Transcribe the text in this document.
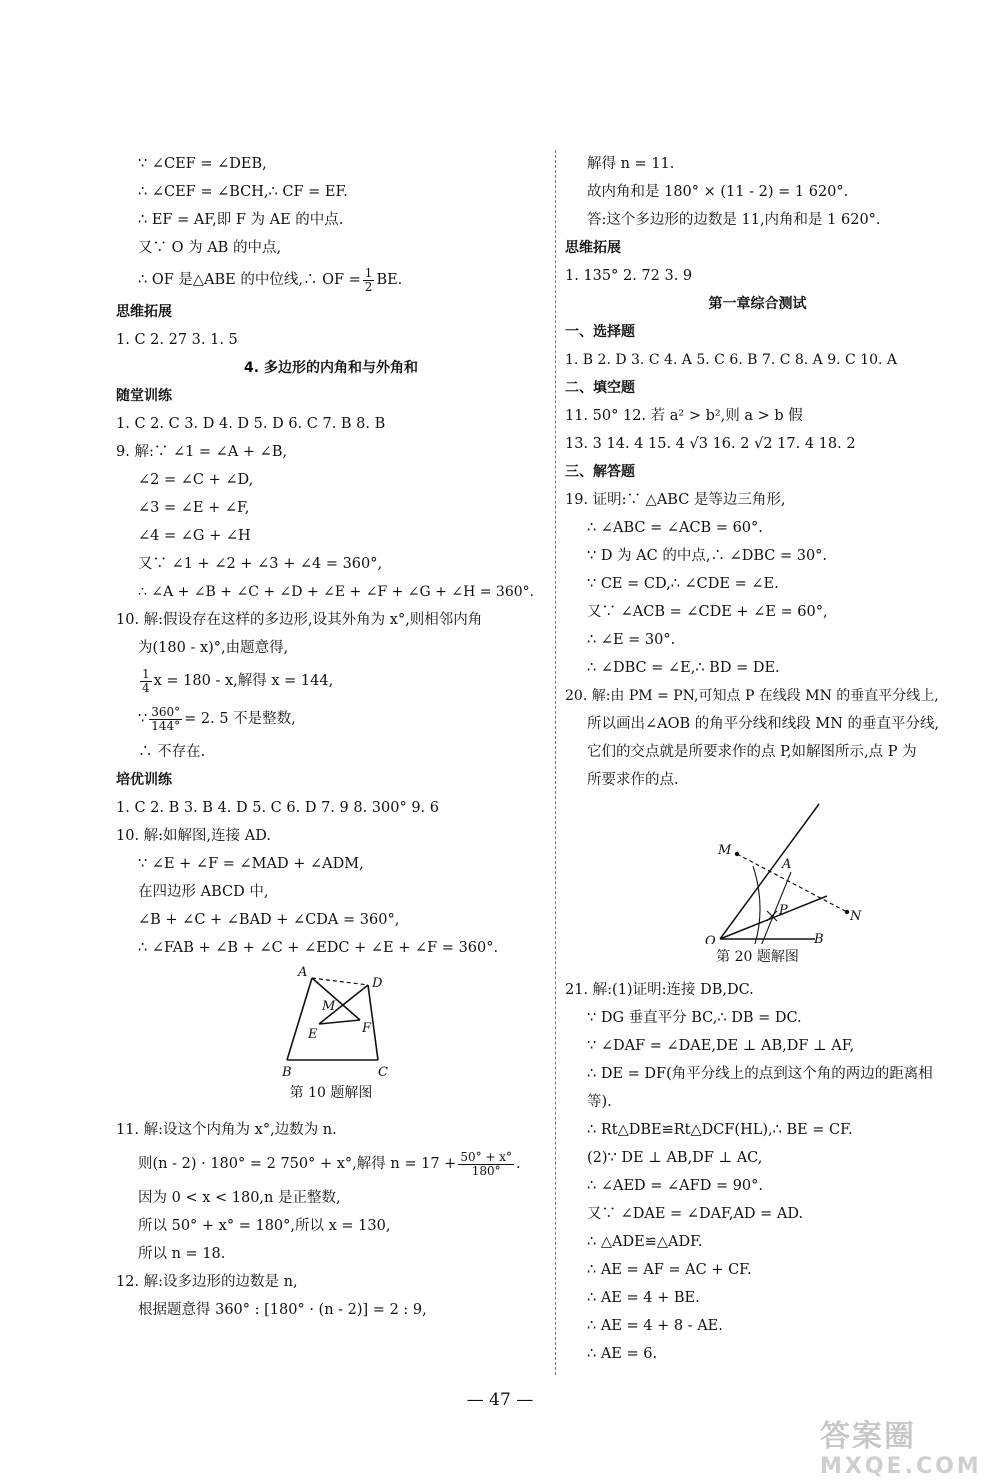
∵ ∠CEF = ∠DEB,
∴ ∠CEF = ∠BCH,∴ CF = EF.
∴ EF = AF,即 F 为 AE 的中点.
又∵ O 为 AB 的中点,
∴ OF 是△ABE 的中位线,∴ OF = $\frac{1}{2}$ BE.
思维拓展
1. C 2. 27 3. 1. 5
4. 多边形的内角和与外角和
随堂训练
1. C 2. C 3. D 4. D 5. D 6. C 7. B 8. B
9. 解:∵ ∠1 = ∠A + ∠B,
∠2 = ∠C + ∠D,
∠3 = ∠E + ∠F,
∠4 = ∠G + ∠H
又∵ ∠1 + ∠2 + ∠3 + ∠4 = 360°,
∴ ∠A + ∠B + ∠C + ∠D + ∠E + ∠F + ∠G + ∠H = 360°.
10. 解:假设存在这样的多边形,设其外角为 x°,则相邻内角
为(180 - x)°,由题意得,
$\frac{1}{4}$ x = 180 - x,解得 x = 144,
∵ $\frac{360^\circ}{144^\circ} = 2$. 5 不是整数,
∴ 不存在.
培优训练
1. C 2. B 3. B 4. D 5. C 6. D 7. 9 8. 300° 9. 6
10. 解:如解图,连接 AD.
∵ ∠E + ∠F = ∠MAD + ∠ADM,
在四边形 ABCD 中,
∠B + ∠C + ∠BAD + ∠CDA = 360°,
∴ ∠FAB + ∠B + ∠C + ∠EDC + ∠E + ∠F = 360°.
A
D
M
E	F
B	C
第 10 题解图
11. 解:设这个内角为 x°,边数为 n.
则(n - 2) · 180° = 2 750° + x°,解得 $n = 17 + \frac{50^\circ + x^\circ}{180^\circ}$ .
因为 0 < x < 180,n 是正整数,
所以 50° + x° = 180°,所以 x = 130,
所以 n = 18.
12. 解:设多边形的边数是 n,
根据题意得 360° : [180° · (n - 2)] = 2 : 9,
解得 n = 11.
故内角和是 180° × (11 - 2) = 1 620°.
答:这个多边形的边数是 11,内角和是 1 620°.
思维拓展
1. 135° 2. 72 3. 9
第一章综合测试
一、选择题
1. B 2. D 3. C 4. A 5. C 6. B 7. C 8. A 9. C 10. A
二、填空题
11. 50° 12. 若 a² > b²,则 a > b 假
13. 3 14. 4 15. 4 √3 16. 2 √2 17. 4 18. 2
三、解答题
19. 证明:∵ △ABC 是等边三角形,
∴ ∠ABC = ∠ACB = 60°.
∵ D 为 AC 的中点,∴ ∠DBC = 30°.
∵ CE = CD,∴ ∠CDE = ∠E.
又∵ ∠ACB = ∠CDE + ∠E = 60°,
∴ ∠E = 30°.
∴ ∠DBC = ∠E,∴ BD = DE.
20. 解:由 PM = PN,可知点 P 在线段 MN 的垂直平分线上,
所以画出∠AOB 的角平分线和线段 MN 的垂直平分线,
它们的交点就是所要求作的点 P,如解图所示,点 P 为
所要求作的点.
M
A
N
P
O	B
第 20 题解图
21. 解:(1)证明:连接 DB,DC.
∵ DG 垂直平分 BC,∴ DB = DC.
∵ ∠DAF = ∠DAE,DE ⊥ AB,DF ⊥ AF,
∴ DE = DF(角平分线上的点到这个角的两边的距离相
等).
∴ Rt△DBE≌Rt△DCF(HL),∴ BE = CF.
(2)∵ DE ⊥ AB,DF ⊥ AC,
∴ ∠AED = ∠AFD = 90°.
又∵ ∠DAE = ∠DAF,AD = AD.
∴ △ADE≌△ADF.
∴ AE = AF = AC + CF.
∴ AE = 4 + BE.
∴ AE = 4 + 8 - AE.
∴ AE = 6.
— 47 —
答案圈
MXQE.COM
